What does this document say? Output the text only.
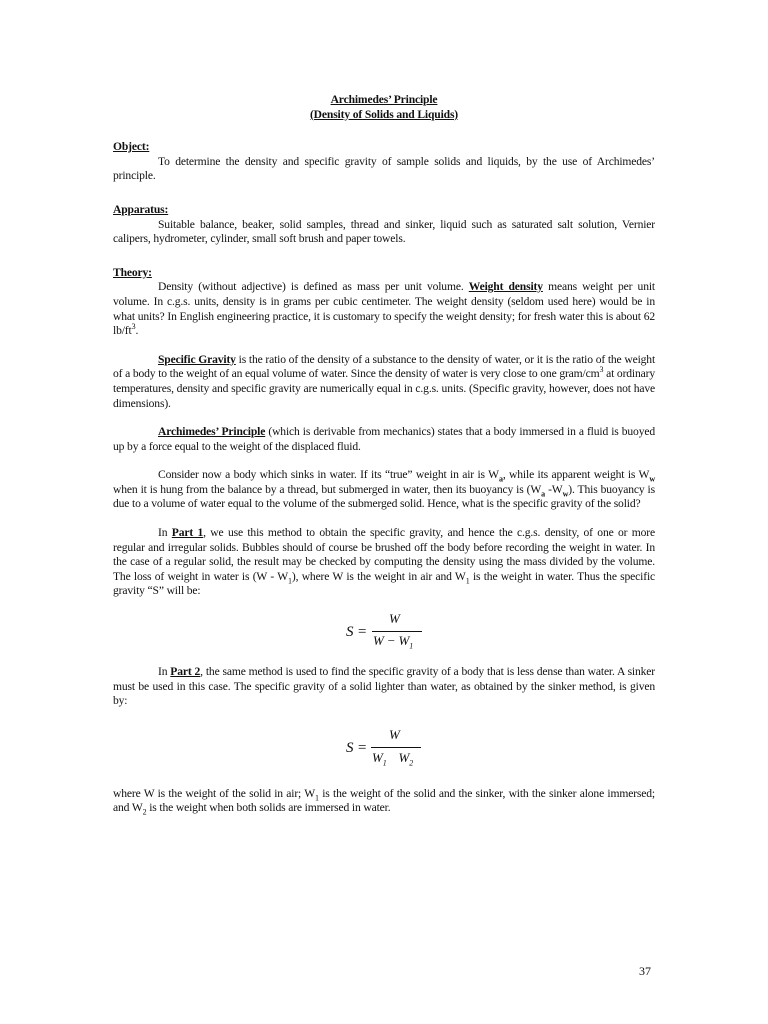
Archimedes’ Principle
(Density of Solids and Liquids)
Object:

To determine the density and specific gravity of sample solids and liquids, by the use of Archimedes’ principle.

Apparatus:

Suitable balance, beaker, solid samples, thread and sinker, liquid such as saturated salt solution, Vernier calipers, hydrometer, cylinder, small soft brush and paper towels.

Theory:

Density (without adjective) is defined as mass per unit volume. Weight density means weight per unit volume. In c.g.s. units, density is in grams per cubic centimeter. The weight density (seldom used here) would be in what units? In English engineering practice, it is customary to specify the weight density; for fresh water this is about 62 $lb/ft^3$.

Specific Gravity is the ratio of the density of a substance to the density of water, or it is the ratio of the weight of a body to the weight of an equal volume of water. Since the density of water is very close to one gram/$cm^3$ at ordinary temperatures, density and specific gravity are numerically equal in c.g.s. units. (Specific gravity, however, does not have dimensions).

Archimedes’ Principle (which is derivable from mechanics) states that a body immersed in a fluid is buoyed up by a force equal to the weight of the displaced fluid.

Consider now a body which sinks in water. If its “true” weight in air is $W_a$, while its apparent weight is $W_w$ when it is hung from the balance by a thread, but submerged in water, then its buoyancy is ($W_a$ $-W_w$). This buoyancy is due to a volume of water equal to the volume of the submerged solid. Hence, what is the specific gravity of the solid?

In Part 1, we use this method to obtain the specific gravity, and hence the c.g.s. density, of one or more regular and irregular solids. Bubbles should of course be brushed off the body before recording the weight in water. In the case of a regular solid, the result may be checked by computing the density using the mass divided by the volume. The loss of weight in water is $(W - W_1)$, where W is the weight in air and $W_1$ is the weight in water. Thus the specific gravity “S” will be:

S =
W
$W - W_1$

In Part 2, the same method is used to find the specific gravity of a body that is less dense than water. A sinker must be used in this case. The specific gravity of a solid lighter than water, as obtained by the sinker method, is given by:

S =
W
$W_1$ $W_2$

where W is the weight of the solid in air; $W_1$ is the weight of the solid and the sinker, with the sinker alone immersed; and $W_2$ is the weight when both solids are immersed in water.

37
